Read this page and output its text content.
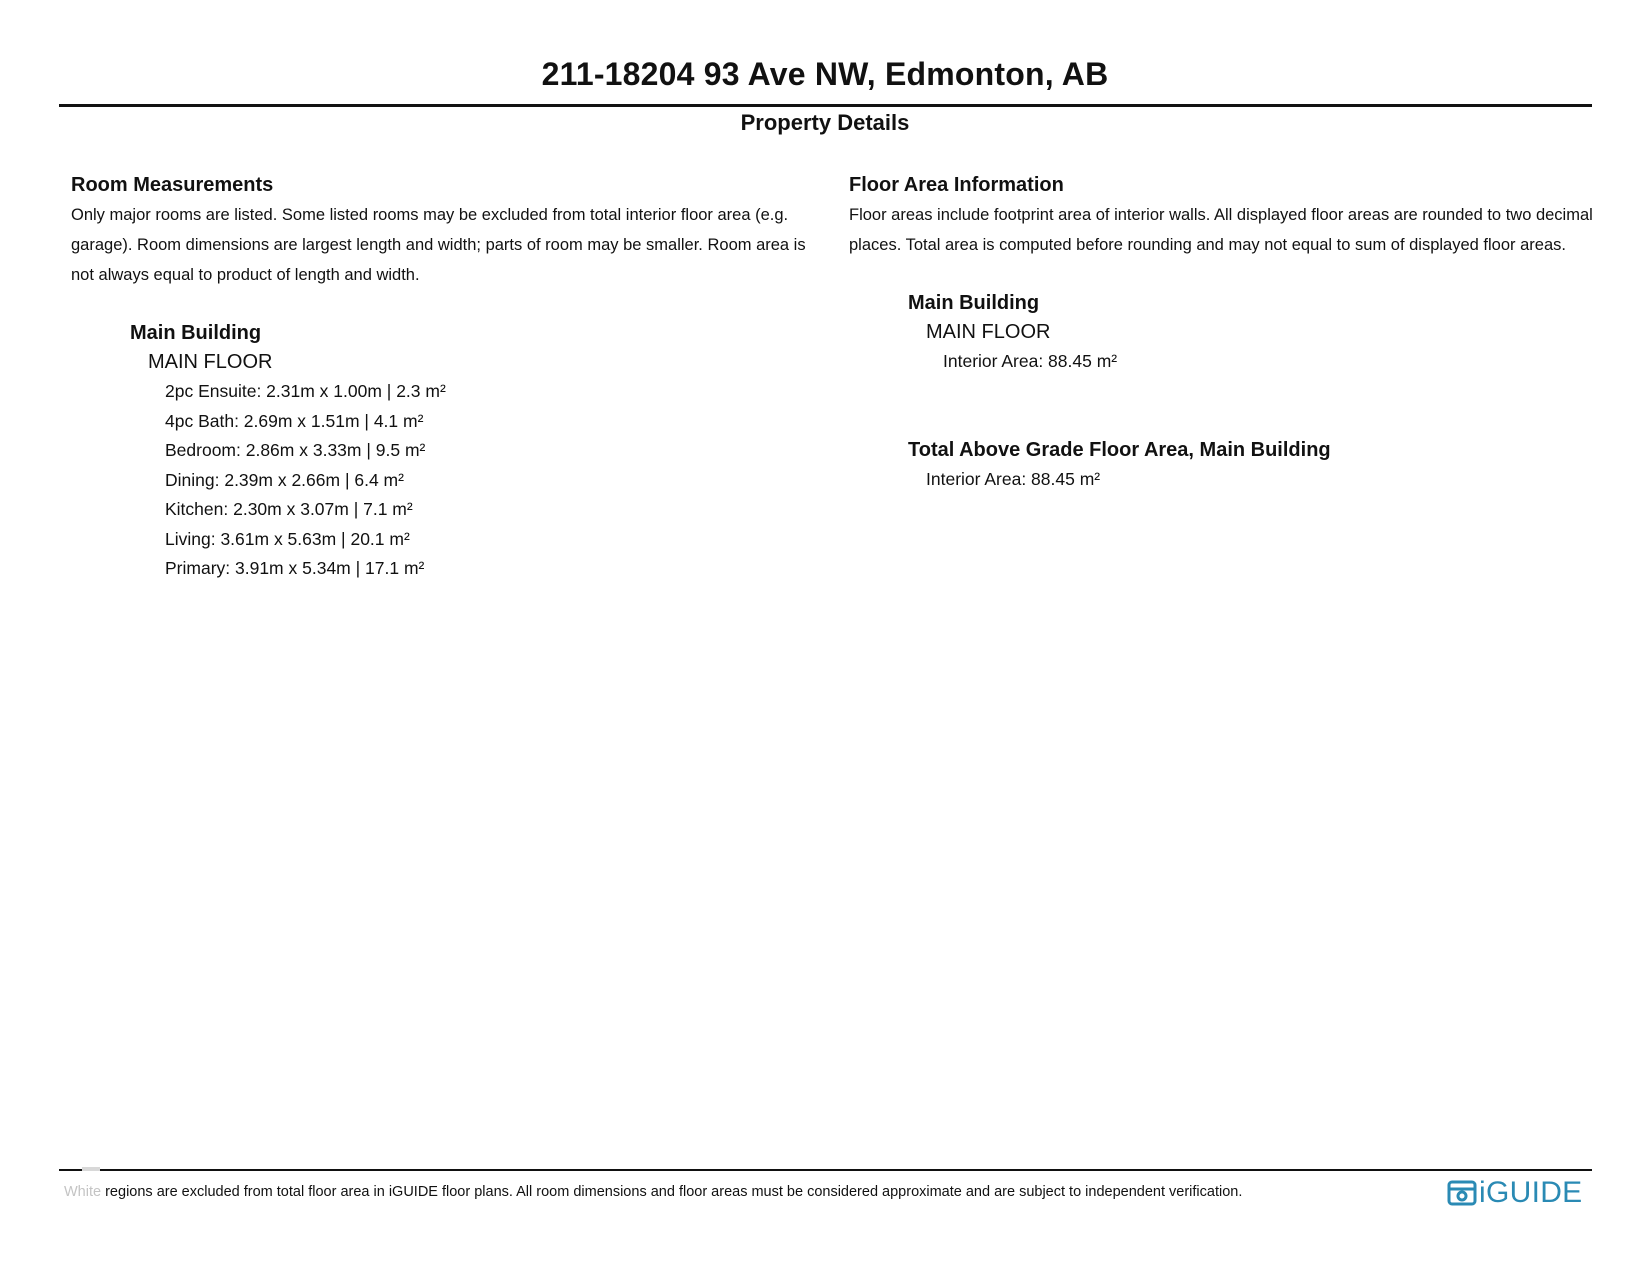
211-18204 93 Ave NW, Edmonton, AB
Property Details

Room Measurements

Only major rooms are listed. Some listed rooms may be excluded from total interior floor area (e.g. garage). Room dimensions are largest length and width; parts of room may be smaller. Room area is not always equal to product of length and width.

Main Building
MAIN FLOOR
2pc Ensuite: 2.31m x 1.00m | 2.3 m²
4pc Bath: 2.69m x 1.51m | 4.1 m²
Bedroom: 2.86m x 3.33m | 9.5 m²
Dining: 2.39m x 2.66m | 6.4 m²
Kitchen: 2.30m x 3.07m | 7.1 m²
Living: 3.61m x 5.63m | 20.1 m²
Primary: 3.91m x 5.34m | 17.1 m²

Floor Area Information

Floor areas include footprint area of interior walls. All displayed floor areas are rounded to two decimal places. Total area is computed before rounding and may not equal to sum of displayed floor areas.

Main Building
MAIN FLOOR
Interior Area: 88.45 m²
Total Above Grade Floor Area, Main Building
Interior Area: 88.45 m²
White regions are excluded from total floor area in iGUIDE floor plans. All room dimensions and floor areas must be considered approximate and are subject to independent verification.	iGUIDE
